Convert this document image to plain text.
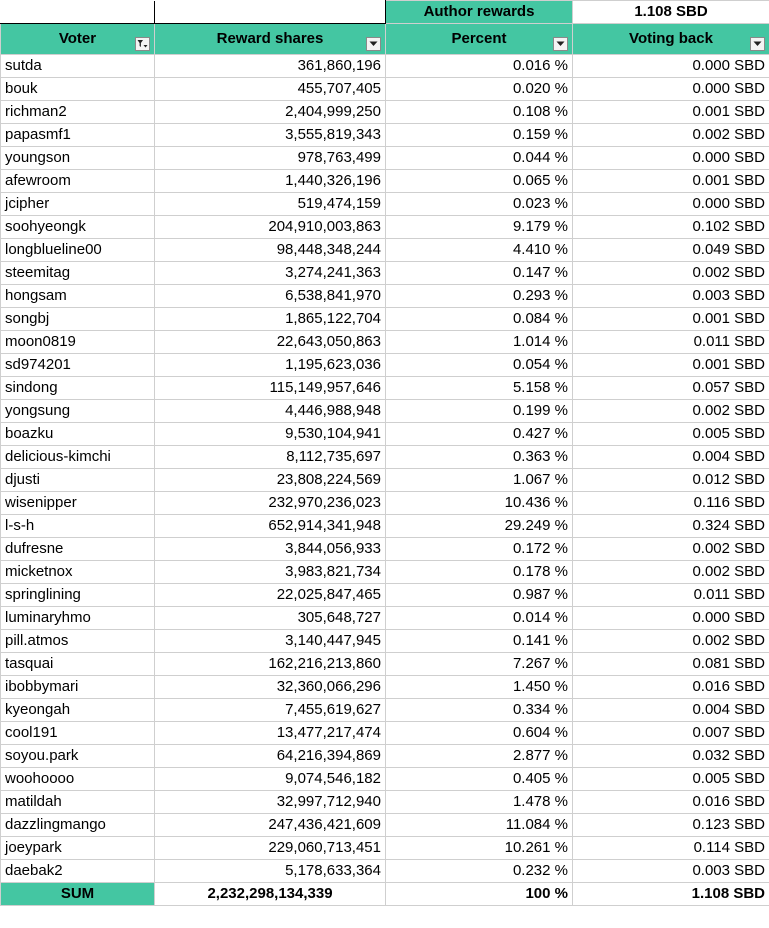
		Author rewards	1.108 SBD

Voter	Reward shares	Percent	Voting back

sutda	361,860,196	0.016 %	0.000 SBD
bouk	455,707,405	0.020 %	0.000 SBD
richman2	2,404,999,250	0.108 %	0.001 SBD
papasmf1	3,555,819,343	0.159 %	0.002 SBD
youngson	978,763,499	0.044 %	0.000 SBD
afewroom	1,440,326,196	0.065 %	0.001 SBD
jcipher	519,474,159	0.023 %	0.000 SBD
soohyeongk	204,910,003,863	9.179 %	0.102 SBD
longblueline00	98,448,348,244	4.410 %	0.049 SBD
steemitag	3,274,241,363	0.147 %	0.002 SBD
hongsam	6,538,841,970	0.293 %	0.003 SBD
songbj	1,865,122,704	0.084 %	0.001 SBD
moon0819	22,643,050,863	1.014 %	0.011 SBD
sd974201	1,195,623,036	0.054 %	0.001 SBD
sindong	115,149,957,646	5.158 %	0.057 SBD
yongsung	4,446,988,948	0.199 %	0.002 SBD
boazku	9,530,104,941	0.427 %	0.005 SBD
delicious-kimchi	8,112,735,697	0.363 %	0.004 SBD
djusti	23,808,224,569	1.067 %	0.012 SBD
wisenipper	232,970,236,023	10.436 %	0.116 SBD
l-s-h	652,914,341,948	29.249 %	0.324 SBD
dufresne	3,844,056,933	0.172 %	0.002 SBD
micketnox	3,983,821,734	0.178 %	0.002 SBD
springlining	22,025,847,465	0.987 %	0.011 SBD
luminaryhmo	305,648,727	0.014 %	0.000 SBD
pill.atmos	3,140,447,945	0.141 %	0.002 SBD
tasquai	162,216,213,860	7.267 %	0.081 SBD
ibobbymari	32,360,066,296	1.450 %	0.016 SBD
kyeongah	7,455,619,627	0.334 %	0.004 SBD
cool191	13,477,217,474	0.604 %	0.007 SBD
soyou.park	64,216,394,869	2.877 %	0.032 SBD
woohoooo	9,074,546,182	0.405 %	0.005 SBD
matildah	32,997,712,940	1.478 %	0.016 SBD
dazzlingmango	247,436,421,609	11.084 %	0.123 SBD
joeypark	229,060,713,451	10.261 %	0.114 SBD
daebak2	5,178,633,364	0.232 %	0.003 SBD
SUM	2,232,298,134,339	100 %	1.108 SBD
